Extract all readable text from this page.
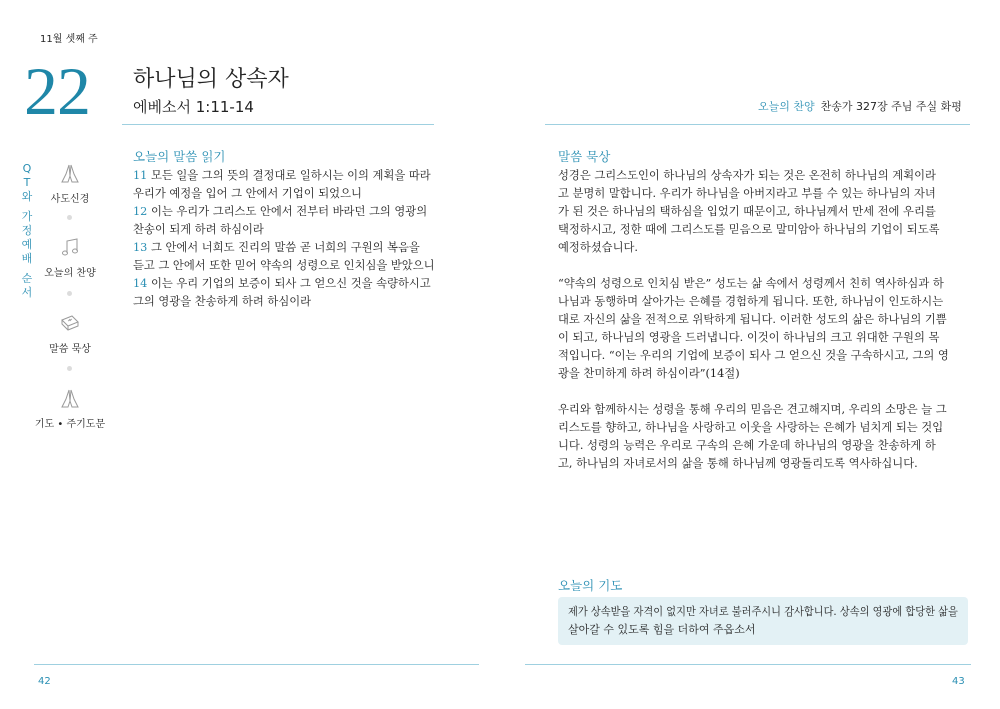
11월 셋째 주
22 하나님의 상속자
에베소서 1:11-14
Q
T
와
가
정
예
배
순
서
사도신경
오늘의 찬양
말씀 묵상
기도 • 주기도문
오늘의 말씀 읽기
11 모든 일을 그의 뜻의 결정대로 일하시는 이의 계획을 따라
우리가 예정을 입어 그 안에서 기업이 되었으니
12 이는 우리가 그리스도 안에서 전부터 바라던 그의 영광의
찬송이 되게 하려 하심이라
13 그 안에서 너희도 진리의 말씀 곧 너희의 구원의 복음을
듣고 그 안에서 또한 믿어 약속의 성령으로 인치심을 받았으니
14 이는 우리 기업의 보증이 되사 그 얻으신 것을 속량하시고
그의 영광을 찬송하게 하려 하심이라
42
오늘의 찬양 찬송가 327장 주님 주실 화평
말씀 묵상
성경은 그리스도인이 하나님의 상속자가 되는 것은 온전히 하나님의 계획이라
고 분명히 말합니다. 우리가 하나님을 아버지라고 부를 수 있는 하나님의 자녀
가 된 것은 하나님의 택하심을 입었기 때문이고, 하나님께서 만세 전에 우리를
택정하시고, 정한 때에 그리스도를 믿음으로 말미암아 하나님의 기업이 되도록
예정하셨습니다.
“약속의 성령으로 인치심 받은” 성도는 삶 속에서 성령께서 친히 역사하심과 하
나님과 동행하며 살아가는 은혜를 경험하게 됩니다. 또한, 하나님이 인도하시는
대로 자신의 삶을 전적으로 위탁하게 됩니다. 이러한 성도의 삶은 하나님의 기쁨
이 되고, 하나님의 영광을 드러냅니다. 이것이 하나님의 크고 위대한 구원의 목
적입니다. “이는 우리의 기업에 보증이 되사 그 얻으신 것을 구속하시고, 그의 영
광을 찬미하게 하려 하심이라”(14절)
우리와 함께하시는 성령을 통해 우리의 믿음은 견고해지며, 우리의 소망은 늘 그
리스도를 향하고, 하나님을 사랑하고 이웃을 사랑하는 은혜가 넘치게 되는 것입
니다. 성령의 능력은 우리로 구속의 은혜 가운데 하나님의 영광을 찬송하게 하
고, 하나님의 자녀로서의 삶을 통해 하나님께 영광돌리도록 역사하십니다.
오늘의 기도
제가 상속받을 자격이 없지만 자녀로 불러주시니 감사합니다. 상속의 영광에 합당한 삶을
살아갈 수 있도록 힘을 더하여 주옵소서
43
